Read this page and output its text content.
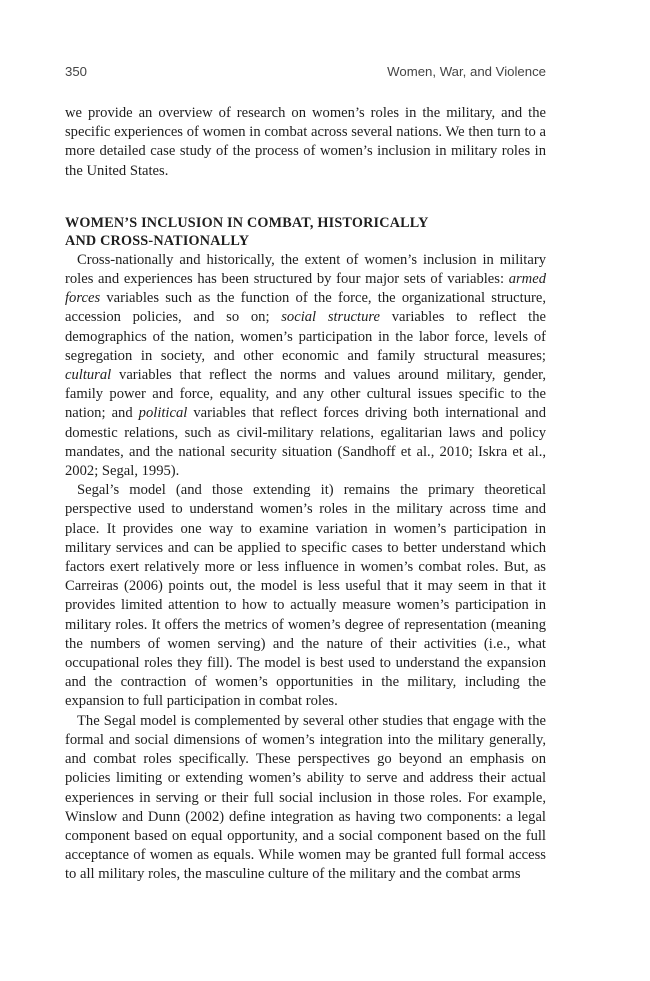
350	Women, War, and Violence

we provide an overview of research on women’s roles in the military, and the specific experiences of women in combat across several nations. We then turn to a more detailed case study of the process of women’s inclusion in military roles in the United States.

WOMEN’S INCLUSION IN COMBAT, HISTORICALLY
AND CROSS-NATIONALLY

Cross-nationally and historically, the extent of women’s inclusion in military roles and experiences has been structured by four major sets of variables: armed forces variables such as the function of the force, the organizational structure, accession policies, and so on; social structure variables to reflect the demographics of the nation, women’s participation in the labor force, levels of segregation in society, and other economic and family structural measures; cultural variables that reflect the norms and values around military, gender, family power and force, equality, and any other cultural issues specific to the nation; and political variables that reflect forces driving both international and domestic relations, such as civil-military relations, egalitarian laws and policy mandates, and the national security situation (Sandhoff et al., 2010; Iskra et al., 2002; Segal, 1995).

Segal’s model (and those extending it) remains the primary theoretical perspective used to understand women’s roles in the military across time and place. It provides one way to examine variation in women’s participation in military services and can be applied to specific cases to better understand which factors exert relatively more or less influence in women’s combat roles. But, as Carreiras (2006) points out, the model is less useful that it may seem in that it provides limited attention to how to actually measure women’s participation in military roles. It offers the metrics of women’s degree of representation (meaning the numbers of women serving) and the nature of their activities (i.e., what occupational roles they fill). The model is best used to understand the expansion and the contraction of women’s opportunities in the military, including the expansion to full participation in combat roles.

The Segal model is complemented by several other studies that engage with the formal and social dimensions of women’s integration into the military generally, and combat roles specifically. These perspectives go beyond an emphasis on policies limiting or extending women’s ability to serve and address their actual experiences in serving or their full social inclusion in those roles. For example, Winslow and Dunn (2002) define integration as having two components: a legal component based on equal opportunity, and a social component based on the full acceptance of women as equals. While women may be granted full formal access to all military roles, the masculine culture of the military and the combat arms
